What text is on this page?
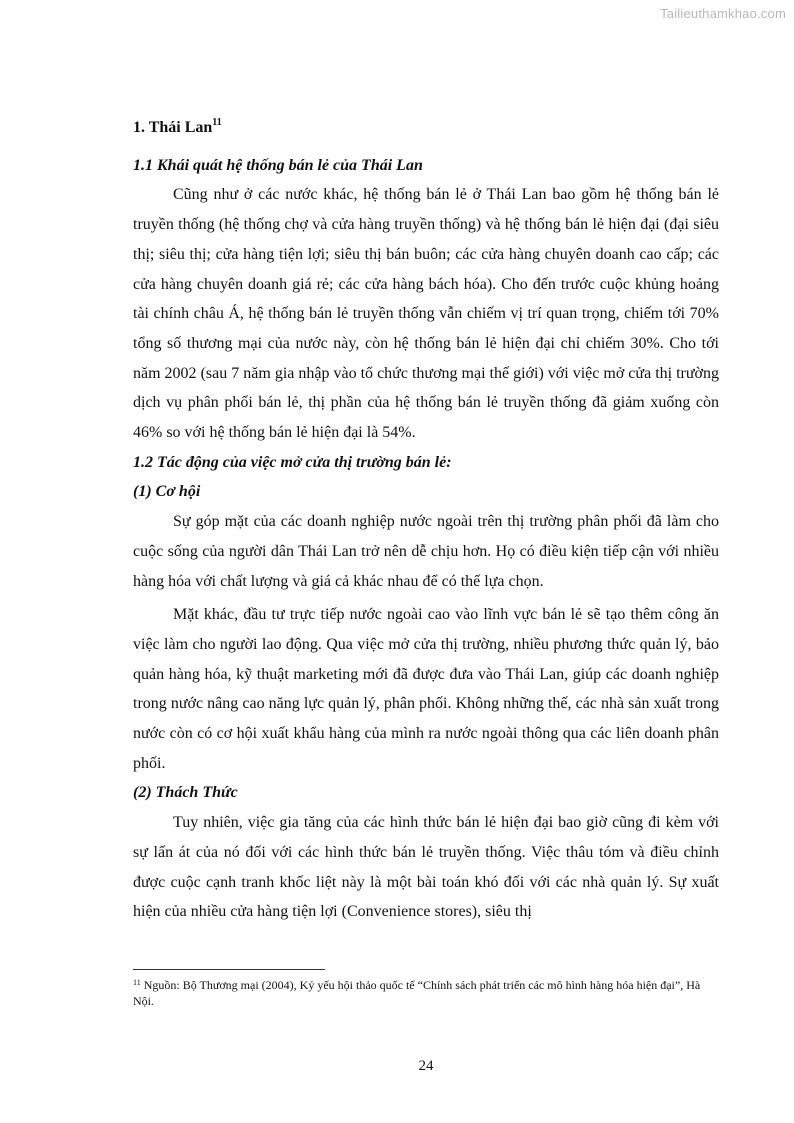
Tailieuthamkhao.com

1. Thái Lan$^{11}$

1.1 Khái quát hệ thống bán lẻ của Thái Lan

Cũng như ở các nước khác, hệ thống bán lẻ ở Thái Lan bao gồm hệ thống bán lẻ truyền thống (hệ thống chợ và cửa hàng truyền thống) và hệ thống bán lẻ hiện đại (đại siêu thị; siêu thị; cửa hàng tiện lợi; siêu thị bán buôn; các cửa hàng chuyên doanh cao cấp; các cửa hàng chuyên doanh giá rẻ; các cửa hàng bách hóa). Cho đến trước cuộc khủng hoảng tài chính châu Á, hệ thống bán lẻ truyền thống vẫn chiếm vị trí quan trọng, chiếm tới 70% tổng số thương mại của nước này, còn hệ thống bán lẻ hiện đại chỉ chiếm 30%. Cho tới năm 2002 (sau 7 năm gia nhập vào tổ chức thương mại thế giới) với việc mở cửa thị trường dịch vụ phân phối bán lẻ, thị phần của hệ thống bán lẻ truyền thống đã giảm xuống còn 46% so với hệ thống bán lẻ hiện đại là 54%.

1.2 Tác động của việc mở cửa thị trường bán lẻ:

(1) Cơ hội

Sự góp mặt của các doanh nghiệp nước ngoài trên thị trường phân phối đã làm cho cuộc sống của người dân Thái Lan trở nên dễ chịu hơn. Họ có điều kiện tiếp cận với nhiều hàng hóa với chất lượng và giá cả khác nhau để có thể lựa chọn.

Mặt khác, đầu tư trực tiếp nước ngoài cao vào lĩnh vực bán lẻ sẽ tạo thêm công ăn việc làm cho người lao động. Qua việc mở cửa thị trường, nhiều phương thức quản lý, bảo quản hàng hóa, kỹ thuật marketing mới đã được đưa vào Thái Lan, giúp các doanh nghiệp trong nước nâng cao năng lực quản lý, phân phối. Không những thế, các nhà sản xuất trong nước còn có cơ hội xuất khẩu hàng của mình ra nước ngoài thông qua các liên doanh phân phối.

(2) Thách Thức

Tuy nhiên, việc gia tăng của các hình thức bán lẻ hiện đại bao giờ cũng đi kèm với sự lấn át của nó đối với các hình thức bán lẻ truyền thống. Việc thâu tóm và điều chỉnh được cuộc cạnh tranh khốc liệt này là một bài toán khó đối với các nhà quản lý. Sự xuất hiện của nhiều cửa hàng tiện lợi (Convenience stores), siêu thị

$^{11}$ Nguồn: Bộ Thương mại (2004), Kỷ yếu hội thảo quốc tế “Chính sách phát triển các mô hình hàng hóa hiện đại”, Hà Nội.
24
